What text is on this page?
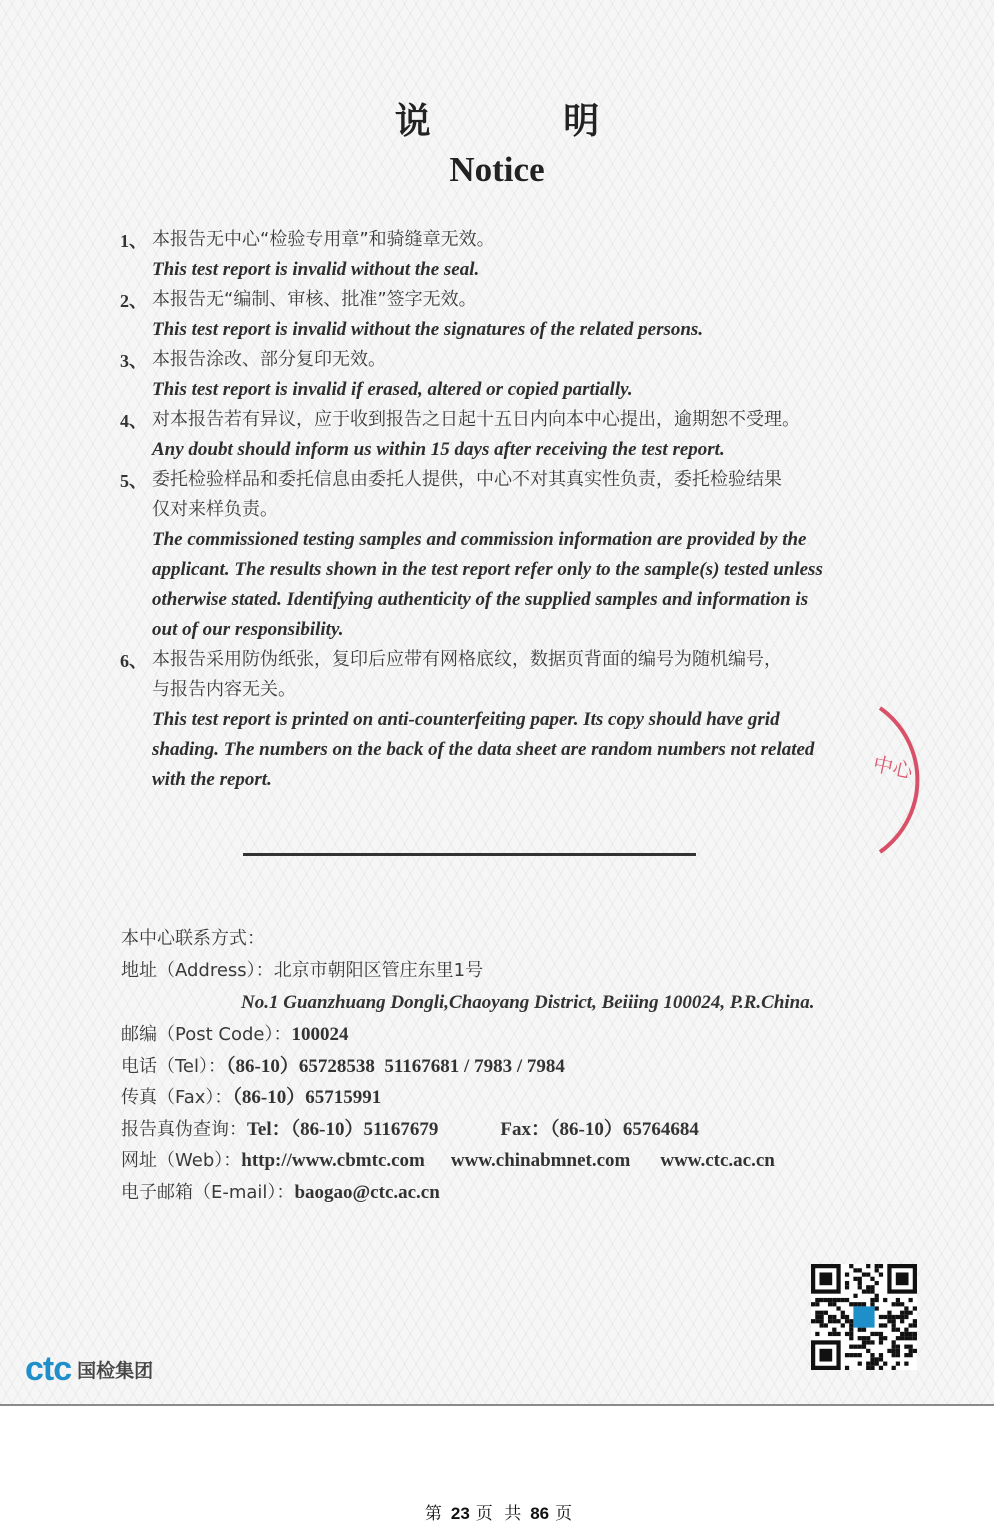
说 明
Notice
1、 本报告无中心“检验专用章”和骑缝章无效。
This test report is invalid without the seal.
2、 本报告无“编制、审核、批准”签字无效。
This test report is invalid without the signatures of the related persons.
3、 本报告涂改、部分复印无效。
This test report is invalid if erased, altered or copied partially.
4、 对本报告若有异议，应于收到报告之日起十五日内向本中心提出，逾期恕不受理。
Any doubt should inform us within 15 days after receiving the test report.
5、 委托检验样品和委托信息由委托人提供，中心不对其真实性负责，委托检验结果
仅对来样负责。
The commissioned testing samples and commission information are provided by the
applicant. The results shown in the test report refer only to the sample(s) tested unless
otherwise stated. Identifying authenticity of the supplied samples and information is
out of our responsibility.
6、 本报告采用防伪纸张，复印后应带有网格底纹，数据页背面的编号为随机编号，
与报告内容无关。
This test report is printed on anti-counterfeiting paper. Its copy should have grid
shading. The numbers on the back of the data sheet are random numbers not related
with the report.
本中心联系方式：
地址（Address）：北京市朝阳区管庄东里1号
No.1 Guanzhuang Dongli,Chaoyang District, Beiiing 100024, P.R.China.
邮编（Post Code）：100024
电话（Tel）：（86-10）65728538  51167681 / 7983 / 7984
传真（Fax）：（86-10）65715991
报告真伪查询：Tel：（86-10）51167679	Fax：（86-10）65764684
网址（Web）：http://www.cbmtc.com www.chinabmnet.com www.ctc.ac.cn
电子邮箱（E-mail）：baogao@ctc.ac.cn
中心
ctc 国检集团
第 23 页 共 86 页
